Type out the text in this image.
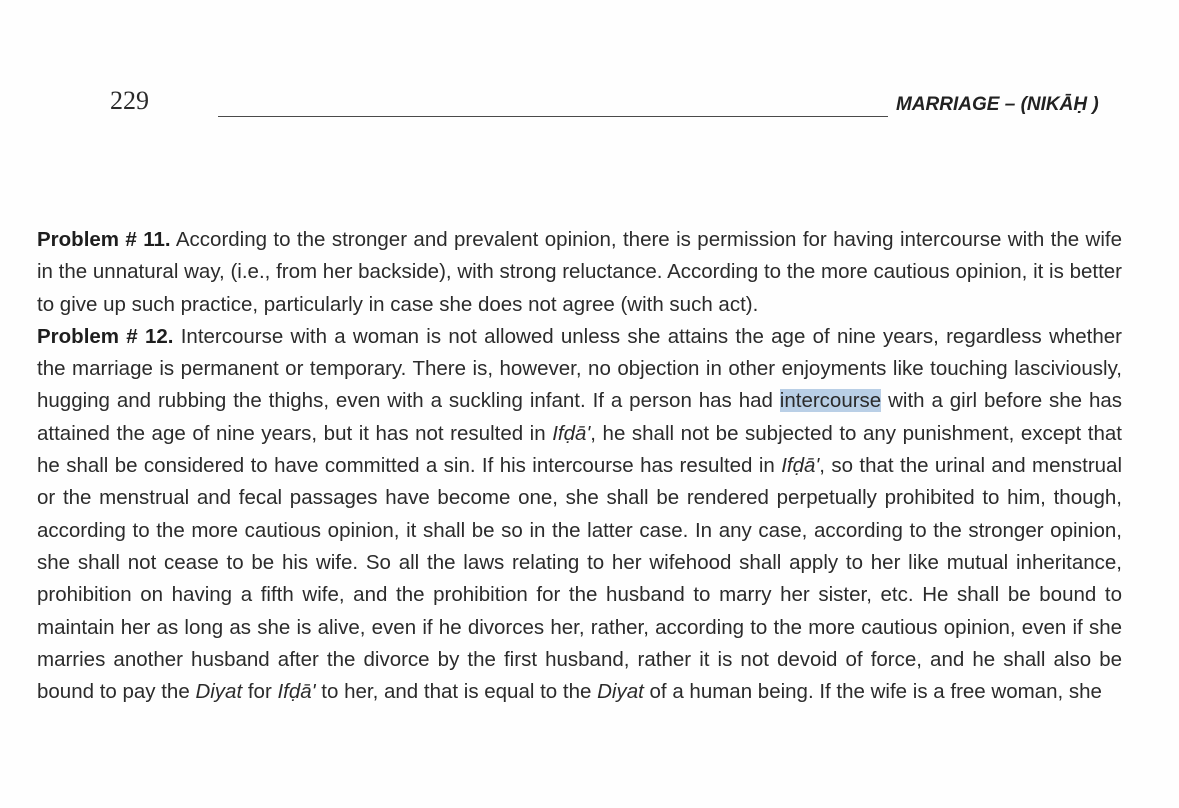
229	MARRIAGE – (NIKĀḤ )

Problem # 11. According to the stronger and prevalent opinion, there is permission for having intercourse with the wife in the unnatural way, (i.e., from her backside), with strong reluctance. According to the more cautious opinion, it is better to give up such practice, particularly in case she does not agree (with such act).

Problem # 12. Intercourse with a woman is not allowed unless she attains the age of nine years, regardless whether the marriage is permanent or temporary. There is, however, no objection in other enjoyments like touching lasciviously, hugging and rubbing the thighs, even with a suckling infant. If a person has had intercourse with a girl before she has attained the age of nine years, but it has not resulted in Ifḍā', he shall not be subjected to any punishment, except that he shall be considered to have committed a sin. If his intercourse has resulted in Ifḍā', so that the urinal and menstrual or the menstrual and fecal passages have become one, she shall be rendered perpetually prohibited to him, though, according to the more cautious opinion, it shall be so in the latter case. In any case, according to the stronger opinion, she shall not cease to be his wife. So all the laws relating to her wifehood shall apply to her like mutual inheritance, prohibition on having a fifth wife, and the prohibition for the husband to marry her sister, etc. He shall be bound to maintain her as long as she is alive, even if he divorces her, rather, according to the more cautious opinion, even if she marries another husband after the divorce by the first husband, rather it is not devoid of force, and he shall also be bound to pay the Diyat for Ifḍā' to her, and that is equal to the Diyat of a human being. If the wife is a free woman, she
